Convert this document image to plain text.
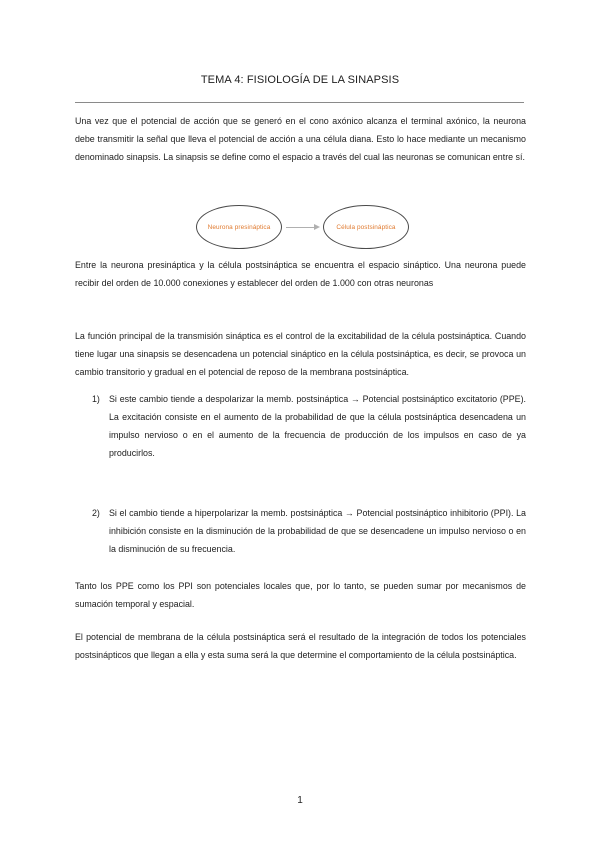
TEMA 4: FISIOLOGÍA DE LA SINAPSIS

Una vez que el potencial de acción que se generó en el cono axónico alcanza el terminal axónico, la neurona debe transmitir la señal que lleva el potencial de acción a una célula diana. Esto lo hace mediante un mecanismo denominado sinapsis. La sinapsis se define como el espacio a través del cual las neuronas se comunican entre sí.

Neurona presináptica	Célula postsináptica

Entre la neurona presináptica y la célula postsináptica se encuentra el espacio sináptico. Una neurona puede recibir del orden de 10.000 conexiones y establecer del orden de 1.000 con otras neuronas

La función principal de la transmisión sináptica es el control de la excitabilidad de la célula postsináptica. Cuando tiene lugar una sinapsis se desencadena un potencial sináptico en la célula postsináptica, es decir, se provoca un cambio transitorio y gradual en el potencial de reposo de la membrana postsináptica.

1) Si este cambio tiende a despolarizar la memb. postsináptica → Potencial postsináptico excitatorio (PPE). La excitación consiste en el aumento de la probabilidad de que la célula postsináptica desencadena un impulso nervioso o en el aumento de la frecuencia de producción de los impulsos en caso de ya producirlos.

2) Si el cambio tiende a hiperpolarizar la memb. postsináptica → Potencial postsináptico inhibitorio (PPI). La inhibición consiste en la disminución de la probabilidad de que se desencadene un impulso nervioso o en la disminución de su frecuencia.

Tanto los PPE como los PPI son potenciales locales que, por lo tanto, se pueden sumar por mecanismos de sumación temporal y espacial.

El potencial de membrana de la célula postsináptica será el resultado de la integración de todos los potenciales postsinápticos que llegan a ella y esta suma será la que determine el comportamiento de la célula postsináptica.

1
